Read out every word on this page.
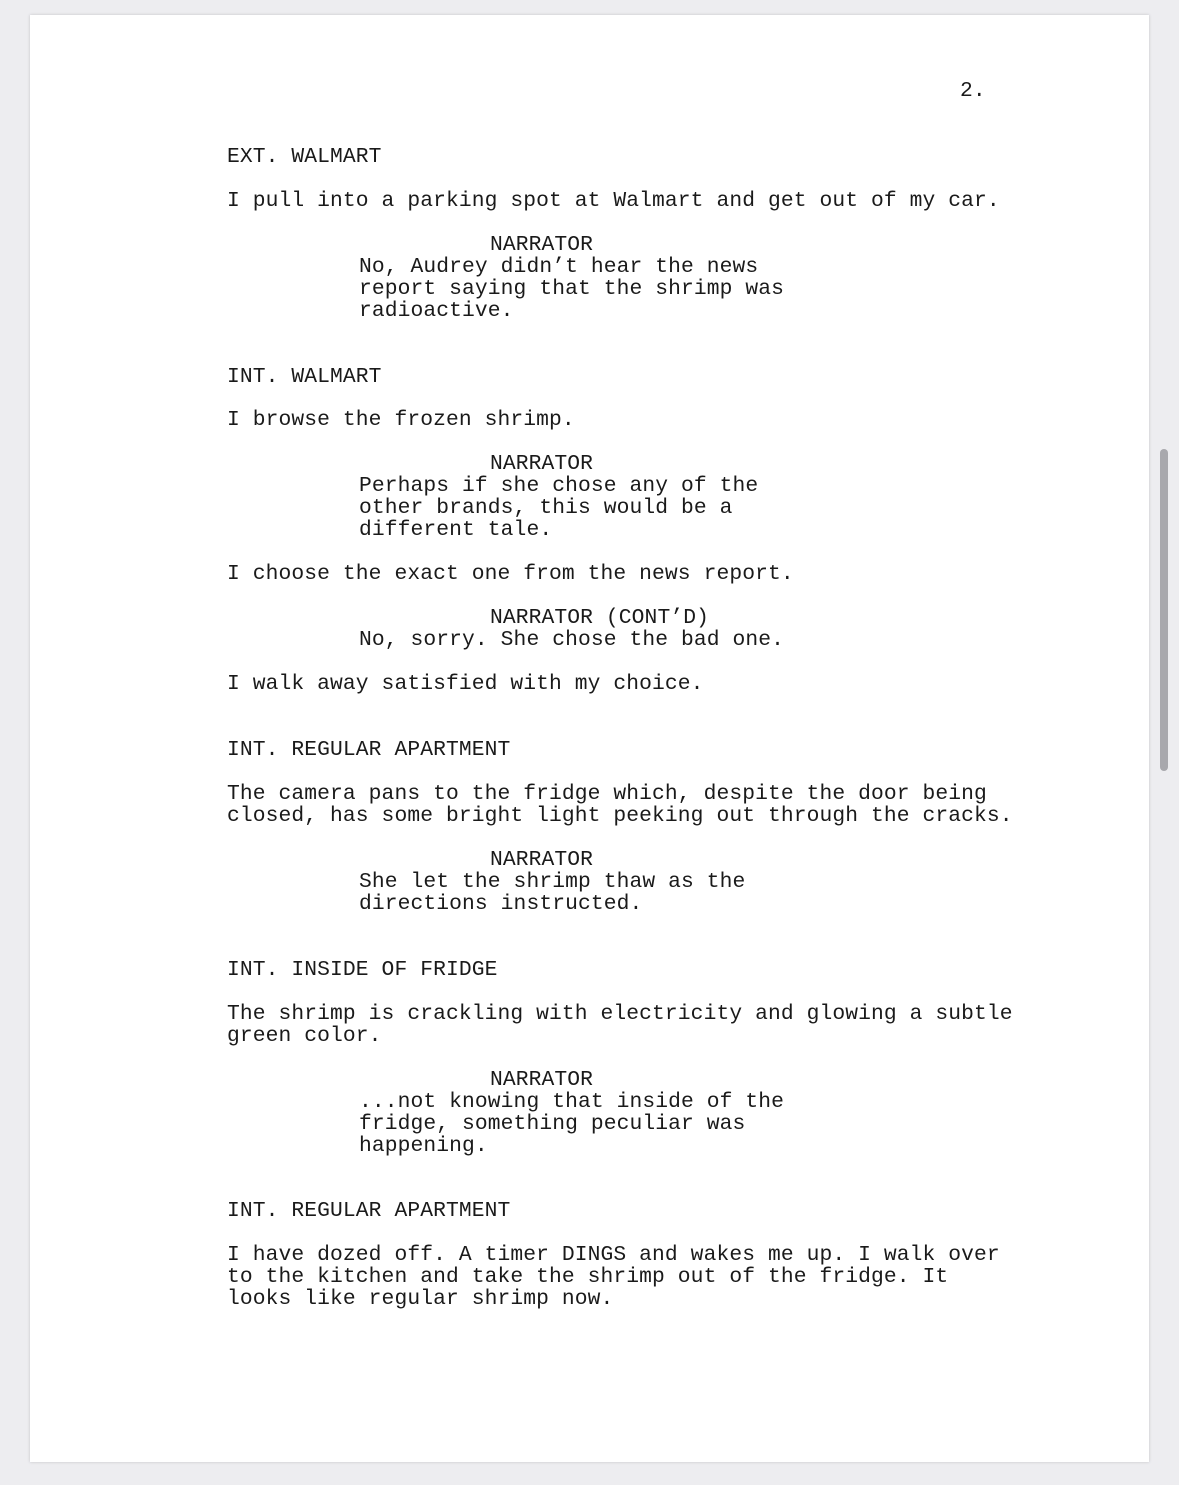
2.
EXT. WALMART
I pull into a parking spot at Walmart and get out of my car.
NARRATOR
No, Audrey didn’t hear the news
report saying that the shrimp was
radioactive.
INT. WALMART
I browse the frozen shrimp.
NARRATOR
Perhaps if she chose any of the
other brands, this would be a
different tale.
I choose the exact one from the news report.
NARRATOR (CONT’D)
No, sorry. She chose the bad one.
I walk away satisfied with my choice.
INT. REGULAR APARTMENT
The camera pans to the fridge which, despite the door being
closed, has some bright light peeking out through the cracks.
NARRATOR
She let the shrimp thaw as the
directions instructed.
INT. INSIDE OF FRIDGE
The shrimp is crackling with electricity and glowing a subtle
green color.
NARRATOR
...not knowing that inside of the
fridge, something peculiar was
happening.
INT. REGULAR APARTMENT
I have dozed off. A timer DINGS and wakes me up. I walk over
to the kitchen and take the shrimp out of the fridge. It
looks like regular shrimp now.
